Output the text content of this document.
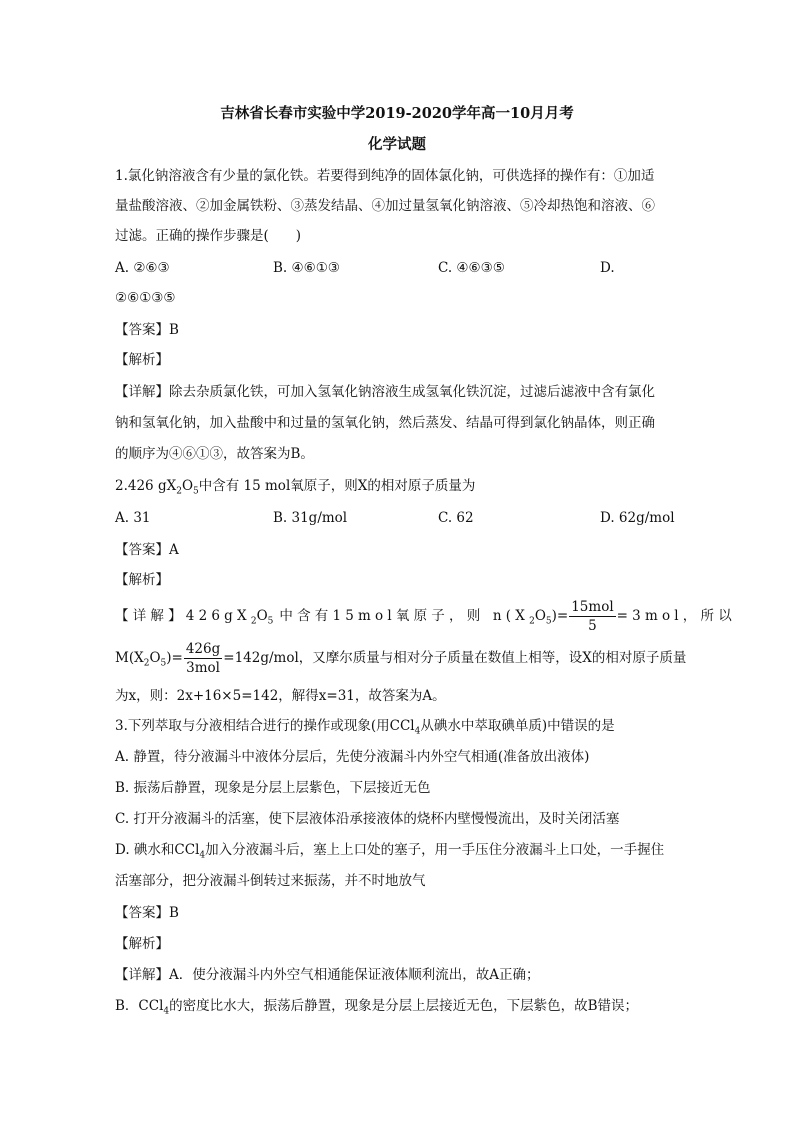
吉林省长春市实验中学2019-2020学年高一10月月考
化学试题
1.氯化钠溶液含有少量的氯化铁。若要得到纯净的固体氯化钠，可供选择的操作有：①加适
量盐酸溶液、②加金属铁粉、③蒸发结晶、④加过量氢氧化钠溶液、⑤冷却热饱和溶液、⑥
过滤。正确的操作步骤是(　　)
A. ②⑥③	B. ④⑥①③	C. ④⑥③⑤	D.
②⑥①③⑤
【答案】B
【解析】
【详解】除去杂质氯化铁，可加入氢氧化钠溶液生成氢氧化铁沉淀，过滤后滤液中含有氯化
钠和氢氧化钠，加入盐酸中和过量的氢氧化钠，然后蒸发、结晶可得到氯化钠晶体，则正确
的顺序为④⑥①③，故答案为B。
2.426 $gX_2O_5$中含有 15 mol氧原子，则X的相对原子质量为
A. 31	B. 31g/mol	C. 62	D. 62g/mol
【答案】A
【解析】
【详解】$426gX_2O_5$ 中含有15mol氧原子，则 $n(X_2O_5)= \frac{\text{15mol}}{5} =3mol$，所以
$M(X_2O_5)= \frac{426g}{\text{3mol}} =142g/mol$，又摩尔质量与相对分子质量在数值上相等，设X的相对原子质量
为x，则：2x+16×5=142，解得x=31，故答案为A。
3.下列萃取与分液相结合进行的操作或现象(用CCl$_4$从碘水中萃取碘单质)中错误的是
A. 静置，待分液漏斗中液体分层后，先使分液漏斗内外空气相通(准备放出液体)
B. 振荡后静置，现象是分层上层紫色，下层接近无色
C. 打开分液漏斗的活塞，使下层液体沿承接液体的烧杯内壁慢慢流出，及时关闭活塞
D. 碘水和CCl$_4$加入分液漏斗后，塞上上口处的塞子，用一手压住分液漏斗上口处，一手握住
活塞部分，把分液漏斗倒转过来振荡，并不时地放气
【答案】B
【解析】
【详解】A．使分液漏斗内外空气相通能保证液体顺利流出，故A正确；
B．CCl$_4$的密度比水大，振荡后静置，现象是分层上层接近无色，下层紫色，故B错误；
